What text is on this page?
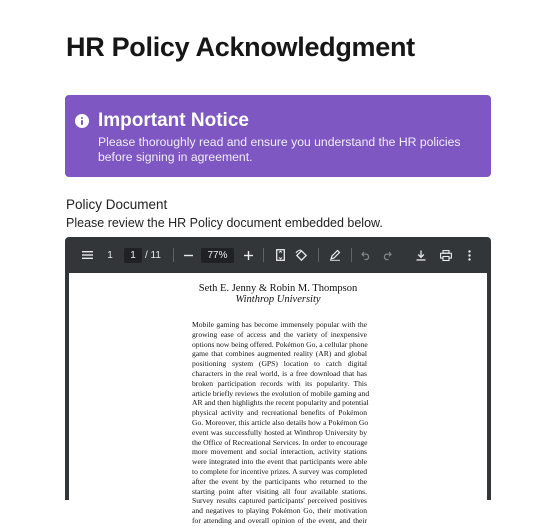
HR Policy Acknowledgment
Important Notice
Please thoroughly read and ensure you understand the HR policies before signing in agreement.
Policy Document
Please review the HR Policy document embedded below.
1	1 / 11	77%
Seth E. Jenny & Robin M. Thompson
Winthrop University
Mobile gaming has become immensely popular with the
growing ease of access and the variety of inexpensive
options now being offered. Pokémon Go, a cellular phone
game that combines augmented reality (AR) and global
positioning system (GPS) location to catch digital
characters in the real world, is a free download that has
broken participation records with its popularity. This
article briefly reviews the evolution of mobile gaming and
AR and then highlights the recent popularity and potential
physical activity and recreational benefits of Pokémon
Go. Moreover, this article also details how a Pokémon Go
event was successfully hosted at Winthrop University by
the Office of Recreational Services. In order to encourage
more movement and social interaction, activity stations
were integrated into the event that participants were able
to complete for incentive prizes. A survey was completed
after the event by the participants who returned to the
starting point after visiting all four available stations.
Survey results captured participants' perceived positives
and negatives to playing Pokémon Go, their motivation
for attending and overall opinion of the event, and their
